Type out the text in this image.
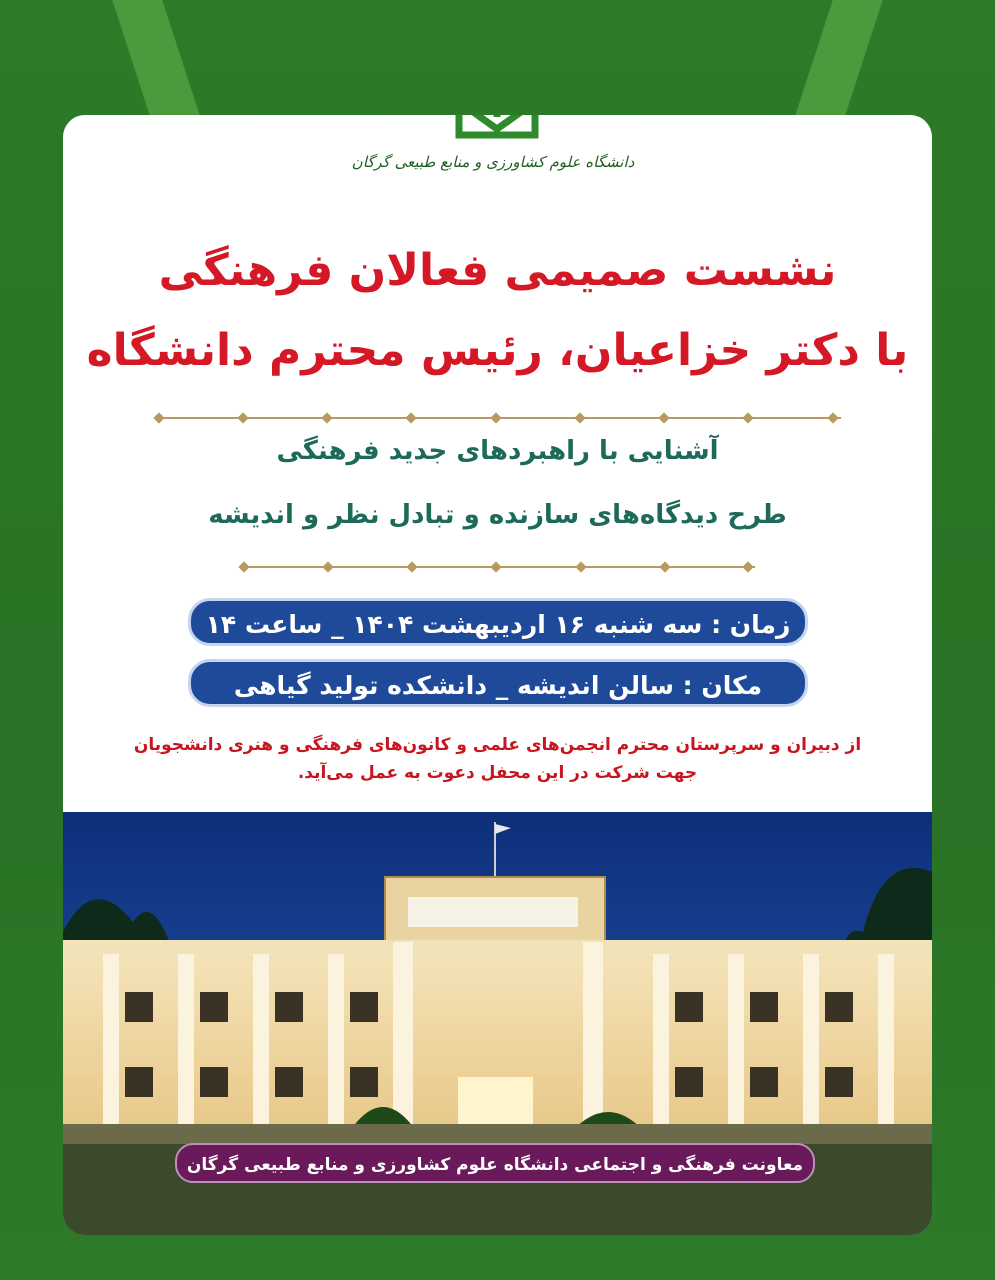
دانشگاه علوم کشاورزی و منابع طبیعی گرگان
نشست صمیمی فعالان فرهنگی
با دکتر خزاعیان، رئیس محترم دانشگاه
آشنایی با راهبردهای جدید فرهنگی
طرح دیدگاه‌های سازنده و تبادل نظر و اندیشه
زمان : سه شنبه ۱۶ اردیبهشت ۱۴۰۴ _ ساعت ۱۴
مکان : سالن اندیشه _ دانشکده تولید گیاهی
از دبیران و سرپرستان محترم انجمن‌های علمی و کانون‌های فرهنگی و هنری دانشجویان
جهت شرکت در این محفل دعوت به عمل می‌آید.
معاونت فرهنگی و اجتماعی دانشگاه علوم کشاورزی و منابع طبیعی گرگان
